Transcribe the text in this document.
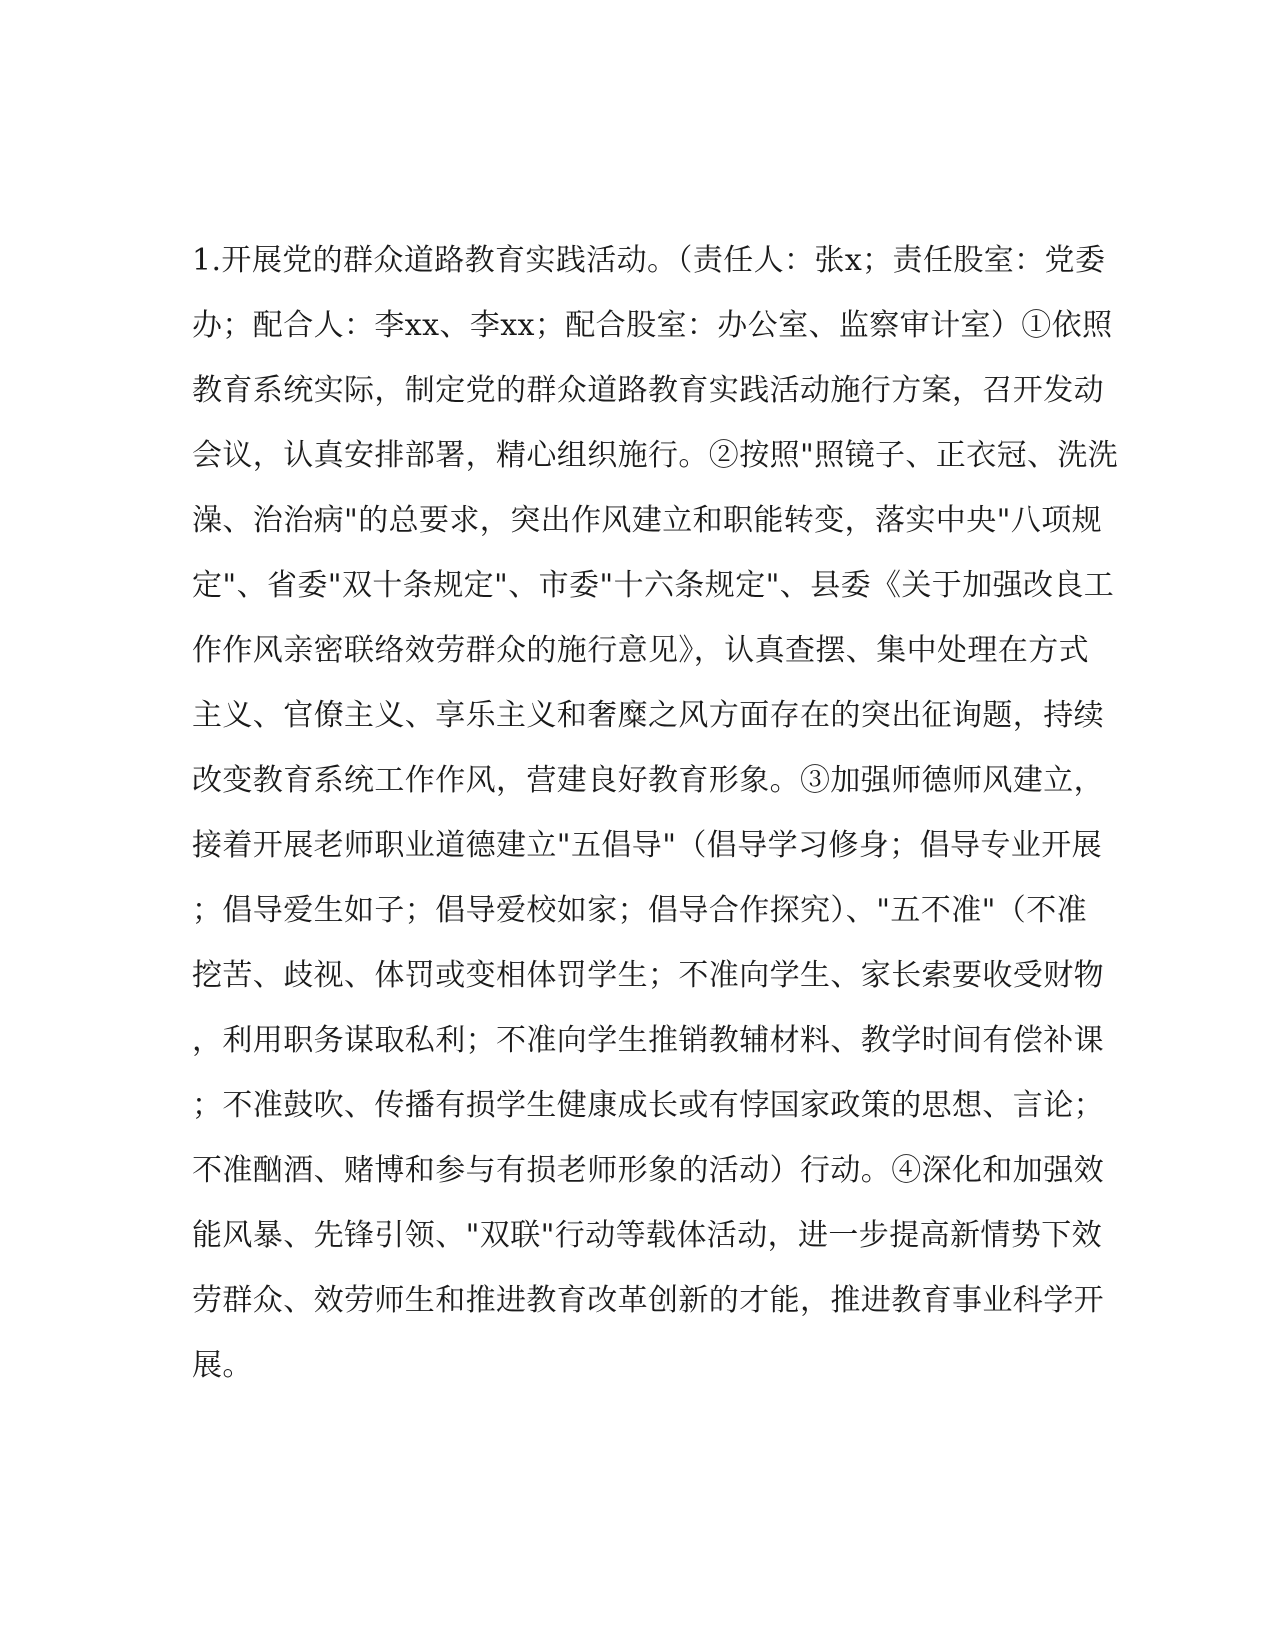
1.开展党的群众道路教育实践活动。（责任人：张x；责任股室：党委
办；配合人：李xx、李xx；配合股室：办公室、监察审计室）①依照
教育系统实际，制定党的群众道路教育实践活动施行方案，召开发动
会议，认真安排部署，精心组织施行。②按照"照镜子、正衣冠、洗洗
澡、治治病"的总要求，突出作风建立和职能转变，落实中央"八项规
定"、省委"双十条规定"、市委"十六条规定"、县委《关于加强改良工
作作风亲密联络效劳群众的施行意见》，认真查摆、集中处理在方式
主义、官僚主义、享乐主义和奢糜之风方面存在的突出征询题，持续
改变教育系统工作作风，营建良好教育形象。③加强师德师风建立，
接着开展老师职业道德建立"五倡导"（倡导学习修身；倡导专业开展
；倡导爱生如子；倡导爱校如家；倡导合作探究）、"五不准"（不准
挖苦、歧视、体罚或变相体罚学生；不准向学生、家长索要收受财物
，利用职务谋取私利；不准向学生推销教辅材料、教学时间有偿补课
；不准鼓吹、传播有损学生健康成长或有悖国家政策的思想、言论；
不准酗酒、赌博和参与有损老师形象的活动）行动。④深化和加强效
能风暴、先锋引领、"双联"行动等载体活动，进一步提高新情势下效
劳群众、效劳师生和推进教育改革创新的才能，推进教育事业科学开
展。
